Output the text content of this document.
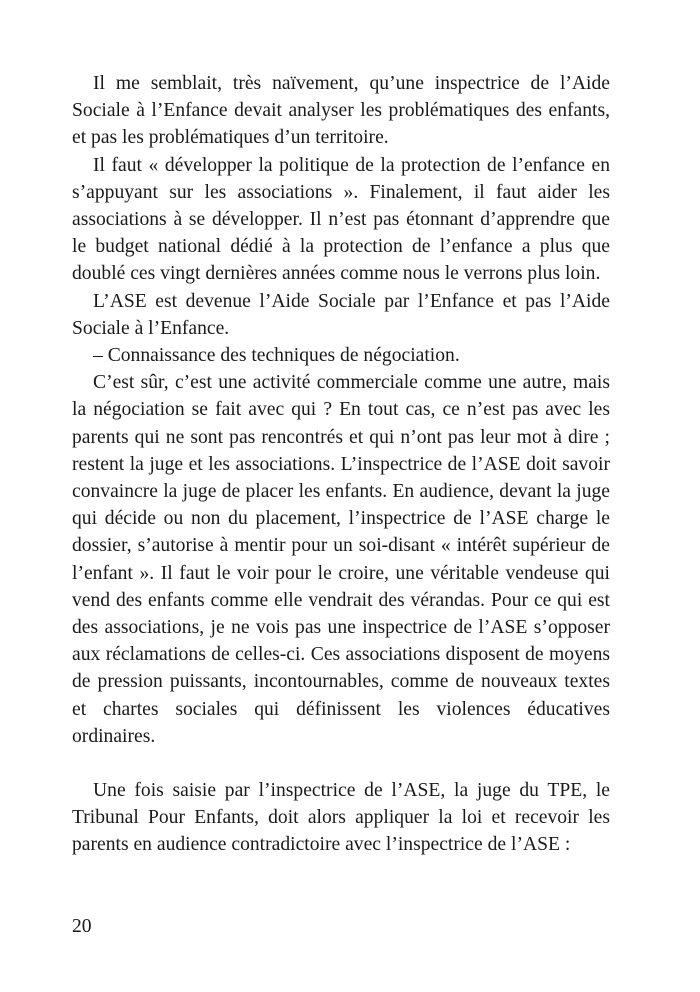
Il me semblait, très naïvement, qu’une inspectrice de l’Aide Sociale à l’Enfance devait analyser les problématiques des enfants, et pas les problématiques d’un territoire.

Il faut « développer la politique de la protection de l’enfance en s’appuyant sur les associations ». Finalement, il faut aider les associations à se développer. Il n’est pas étonnant d’apprendre que le budget national dédié à la protection de l’enfance a plus que doublé ces vingt dernières années comme nous le verrons plus loin.

L’ASE est devenue l’Aide Sociale par l’Enfance et pas l’Aide Sociale à l’Enfance.

– Connaissance des techniques de négociation.

C’est sûr, c’est une activité commerciale comme une autre, mais la négociation se fait avec qui ? En tout cas, ce n’est pas avec les parents qui ne sont pas rencontrés et qui n’ont pas leur mot à dire ; restent la juge et les associations. L’inspectrice de l’ASE doit savoir convaincre la juge de placer les enfants. En audience, devant la juge qui décide ou non du placement, l’inspectrice de l’ASE charge le dossier, s’autorise à mentir pour un soi-disant « intérêt supérieur de l’enfant ». Il faut le voir pour le croire, une véritable vendeuse qui vend des enfants comme elle vendrait des vérandas. Pour ce qui est des associations, je ne vois pas une inspectrice de l’ASE s’opposer aux réclamations de celles-ci. Ces associations disposent de moyens de pression puissants, incontournables, comme de nouveaux textes et chartes sociales qui définissent les violences éducatives ordinaires.

Une fois saisie par l’inspectrice de l’ASE, la juge du TPE, le Tribunal Pour Enfants, doit alors appliquer la loi et recevoir les parents en audience contradictoire avec l’inspectrice de l’ASE :

20
